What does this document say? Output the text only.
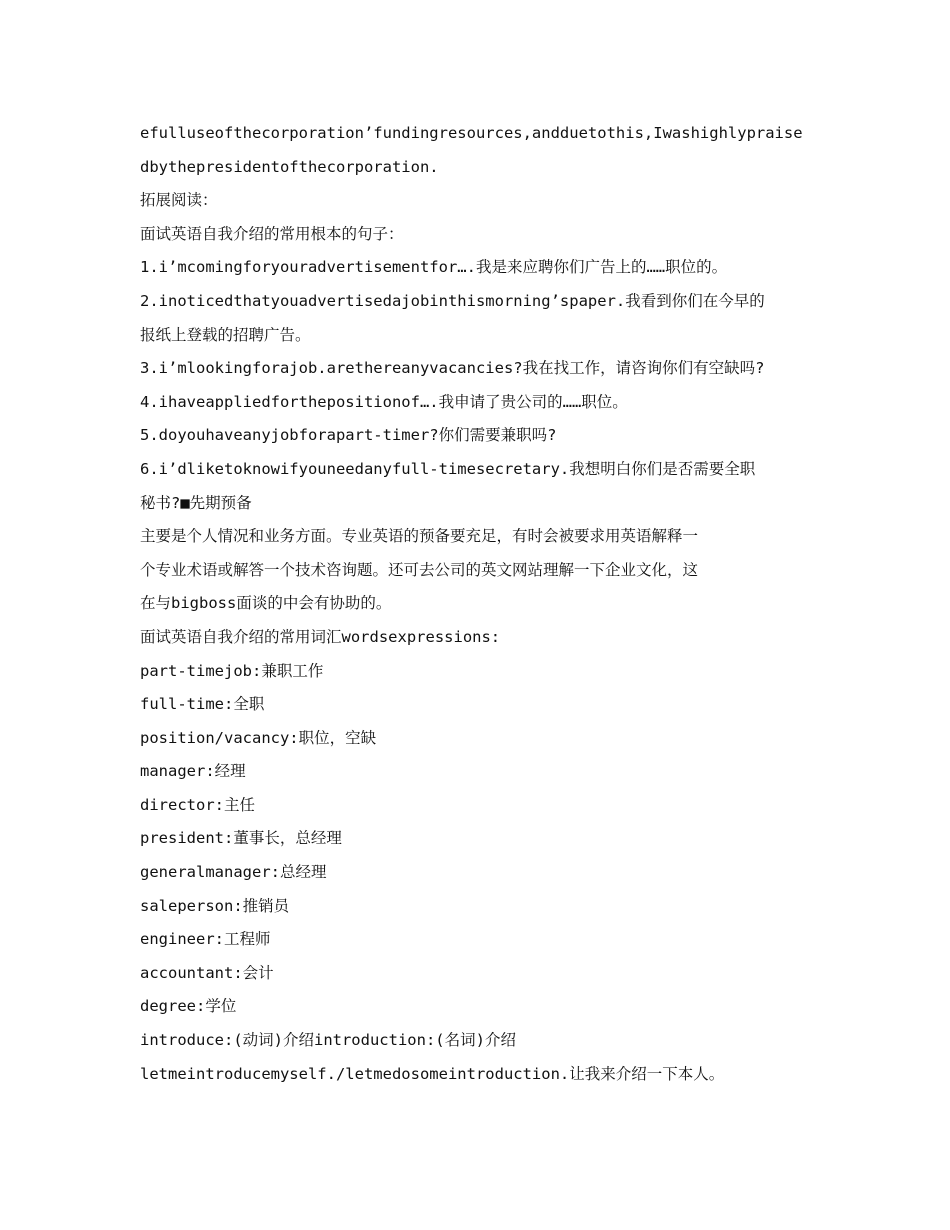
efulluseofthecorporation’fundingresources,andduetothis,Iwashighlypraise
dbythepresidentofthecorporation.
拓展阅读：
面试英语自我介绍的常用根本的句子：
1.i’mcomingforyouradvertisementfor….我是来应聘你们广告上的……职位的。
2.inoticedthatyouadvertisedajobinthismorning’spaper.我看到你们在今早的
报纸上登载的招聘广告。
3.i’mlookingforajob.arethereanyvacancies?我在找工作，请咨询你们有空缺吗?
4.ihaveappliedforthepositionof….我申请了贵公司的……职位。
5.doyouhaveanyjobforapart-timer?你们需要兼职吗?
6.i’dliketoknowifyouneedanyfull-timesecretary.我想明白你们是否需要全职
秘书?■先期预备
主要是个人情况和业务方面。专业英语的预备要充足，有时会被要求用英语解释一
个专业术语或解答一个技术咨询题。还可去公司的英文网站理解一下企业文化，这
在与bigboss面谈的中会有协助的。
面试英语自我介绍的常用词汇wordsexpressions:
part-timejob:兼职工作
full-time:全职
position/vacancy:职位，空缺
manager:经理
director:主任
president:董事长，总经理
generalmanager:总经理
saleperson:推销员
engineer:工程师
accountant:会计
degree:学位
introduce:(动词)介绍introduction:(名词)介绍
letmeintroducemyself./letmedosomeintroduction.让我来介绍一下本人。
